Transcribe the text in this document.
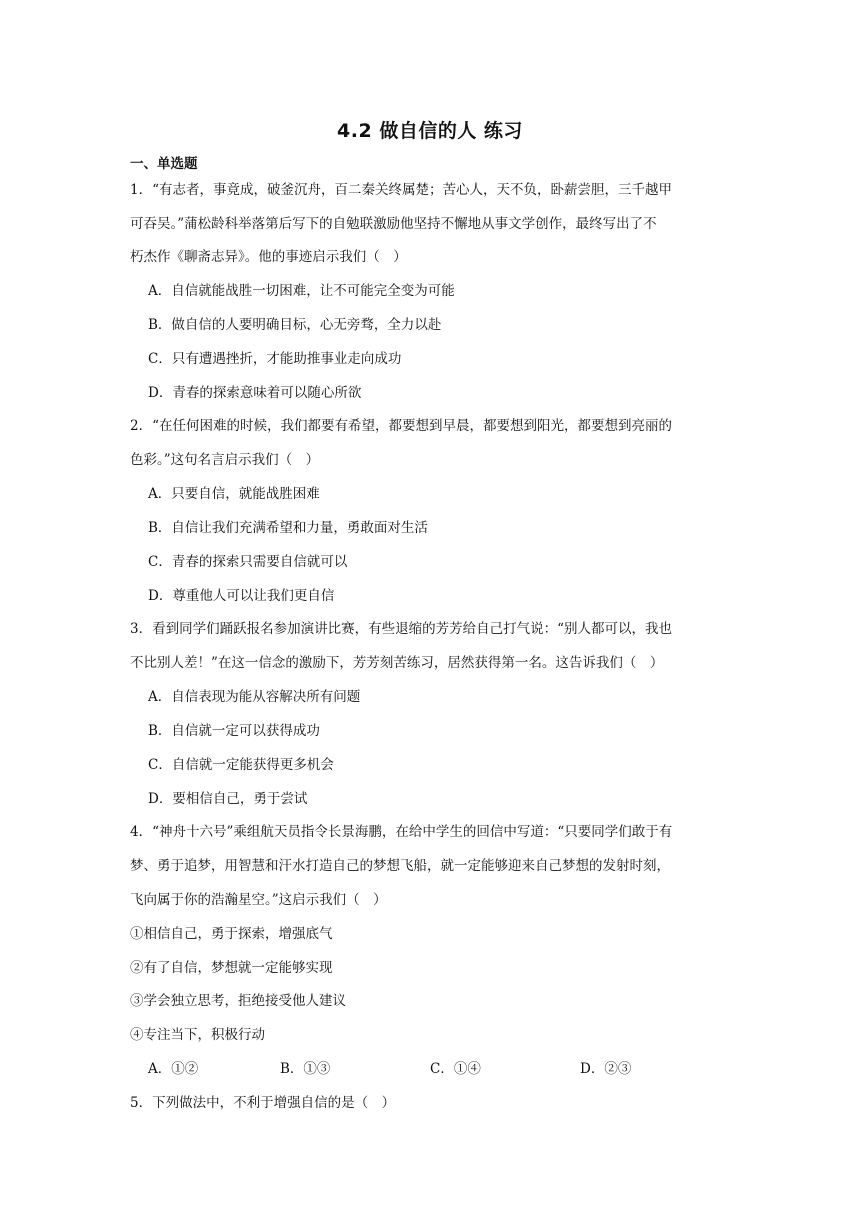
4.2 做自信的人 练习
一、单选题
1．“有志者，事竟成，破釜沉舟，百二秦关终属楚；苦心人，天不负，卧薪尝胆，三千越甲
可吞吴。”蒲松龄科举落第后写下的自勉联激励他坚持不懈地从事文学创作，最终写出了不
朽杰作《聊斋志异》。他的事迹启示我们（　）
A．自信就能战胜一切困难，让不可能完全变为可能
B．做自信的人要明确目标，心无旁骛，全力以赴
C．只有遭遇挫折，才能助推事业走向成功
D．青春的探索意味着可以随心所欲
2．“在任何困难的时候，我们都要有希望，都要想到早晨，都要想到阳光，都要想到亮丽的
色彩。”这句名言启示我们（　）
A．只要自信，就能战胜困难
B．自信让我们充满希望和力量，勇敢面对生活
C．青春的探索只需要自信就可以
D．尊重他人可以让我们更自信
3．看到同学们踊跃报名参加演讲比赛，有些退缩的芳芳给自己打气说：“别人都可以，我也
不比别人差！”在这一信念的激励下，芳芳刻苦练习，居然获得第一名。这告诉我们（　）
A．自信表现为能从容解决所有问题
B．自信就一定可以获得成功
C．自信就一定能获得更多机会
D．要相信自己，勇于尝试
4．“神舟十六号”乘组航天员指令长景海鹏，在给中学生的回信中写道：“只要同学们敢于有
梦、勇于追梦，用智慧和汗水打造自己的梦想飞船，就一定能够迎来自己梦想的发射时刻，
飞向属于你的浩瀚星空。”这启示我们（　）
①相信自己，勇于探索，增强底气
②有了自信，梦想就一定能够实现
③学会独立思考，拒绝接受他人建议
④专注当下，积极行动
A．①②	B．①③	C．①④	D．②③
5．下列做法中，不利于增强自信的是（　）
